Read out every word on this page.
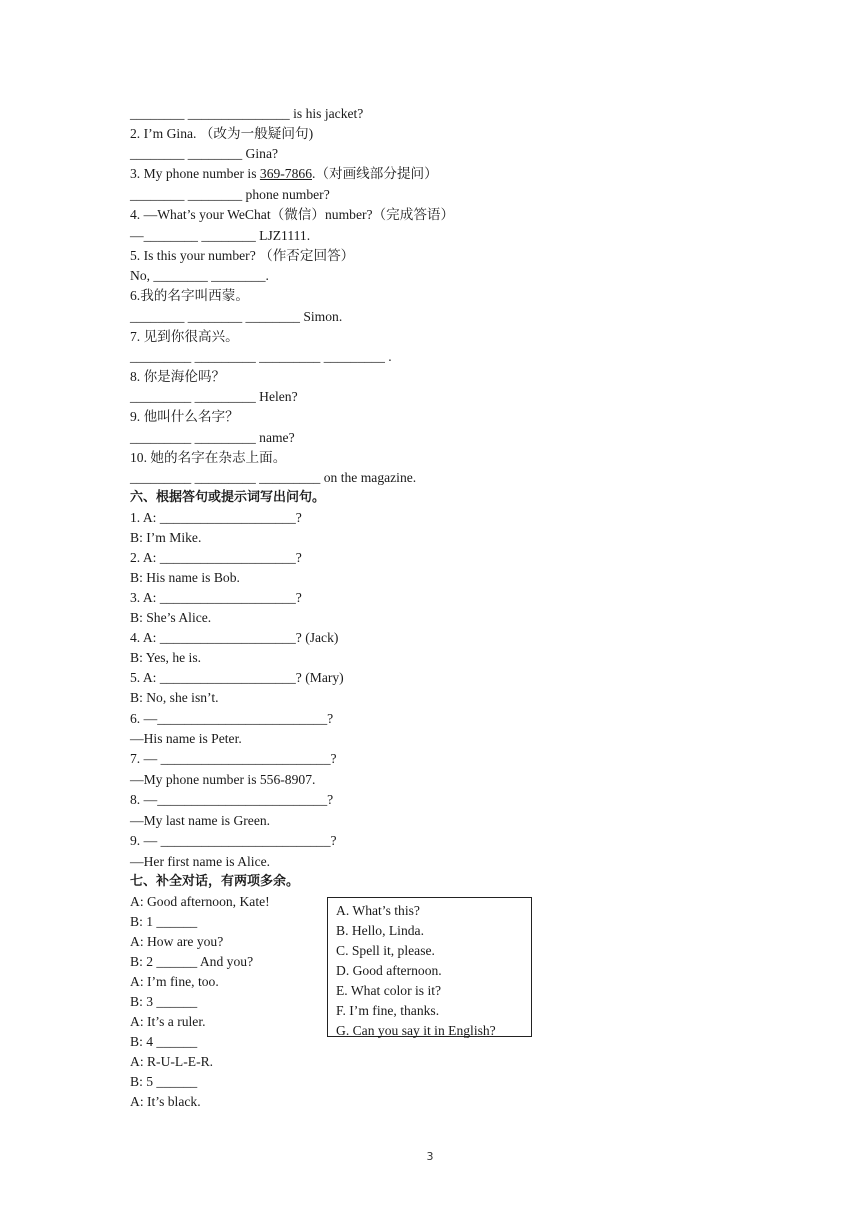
________ _______________ is his jacket?
2. I’m Gina. （改为一般疑问句)
________ ________ Gina?
3. My phone number is 369-7866.（对画线部分提问）
________ ________ phone number?
4. —What’s your WeChat（微信）number?（完成答语）
—________ ________ LJZ1111.
5. Is this your number? （作否定回答）
No, ________ ________.
6.我的名字叫西蒙。
________ ________ ________ Simon.
7. 见到你很高兴。
_________ _________ _________ _________ .
8. 你是海伦吗？
_________ _________ Helen?
9. 他叫什么名字？
_________ _________ name?
10. 她的名字在杂志上面。
_________ _________ _________ on the magazine.
六、根据答句或提示词写出问句。
1. A: ____________________?
B: I’m Mike.
2. A: ____________________?
B: His name is Bob.
3. A: ____________________?
B: She’s Alice.
4. A: ____________________? (Jack)
B: Yes, he is.
5. A: ____________________? (Mary)
B: No, she isn’t.
6. —_________________________?
—His name is Peter.
7. — _________________________?
—My phone number is 556-8907.
8. —_________________________?
—My last name is Green.
9. — _________________________?
—Her first name is Alice.
七、补全对话，有两项多余。
A: Good afternoon, Kate!
B: 1 ______
A: How are you?
B: 2 ______ And you?
A: I’m fine, too.
B: 3 ______
A: It’s a ruler.
B: 4 ______
A: R-U-L-E-R.
B: 5 ______
A: It’s black.
A. What’s this?
B. Hello, Linda.
C. Spell it, please.
D. Good afternoon.
E. What color is it?
F. I’m fine, thanks.
G. Can you say it in English?
3
